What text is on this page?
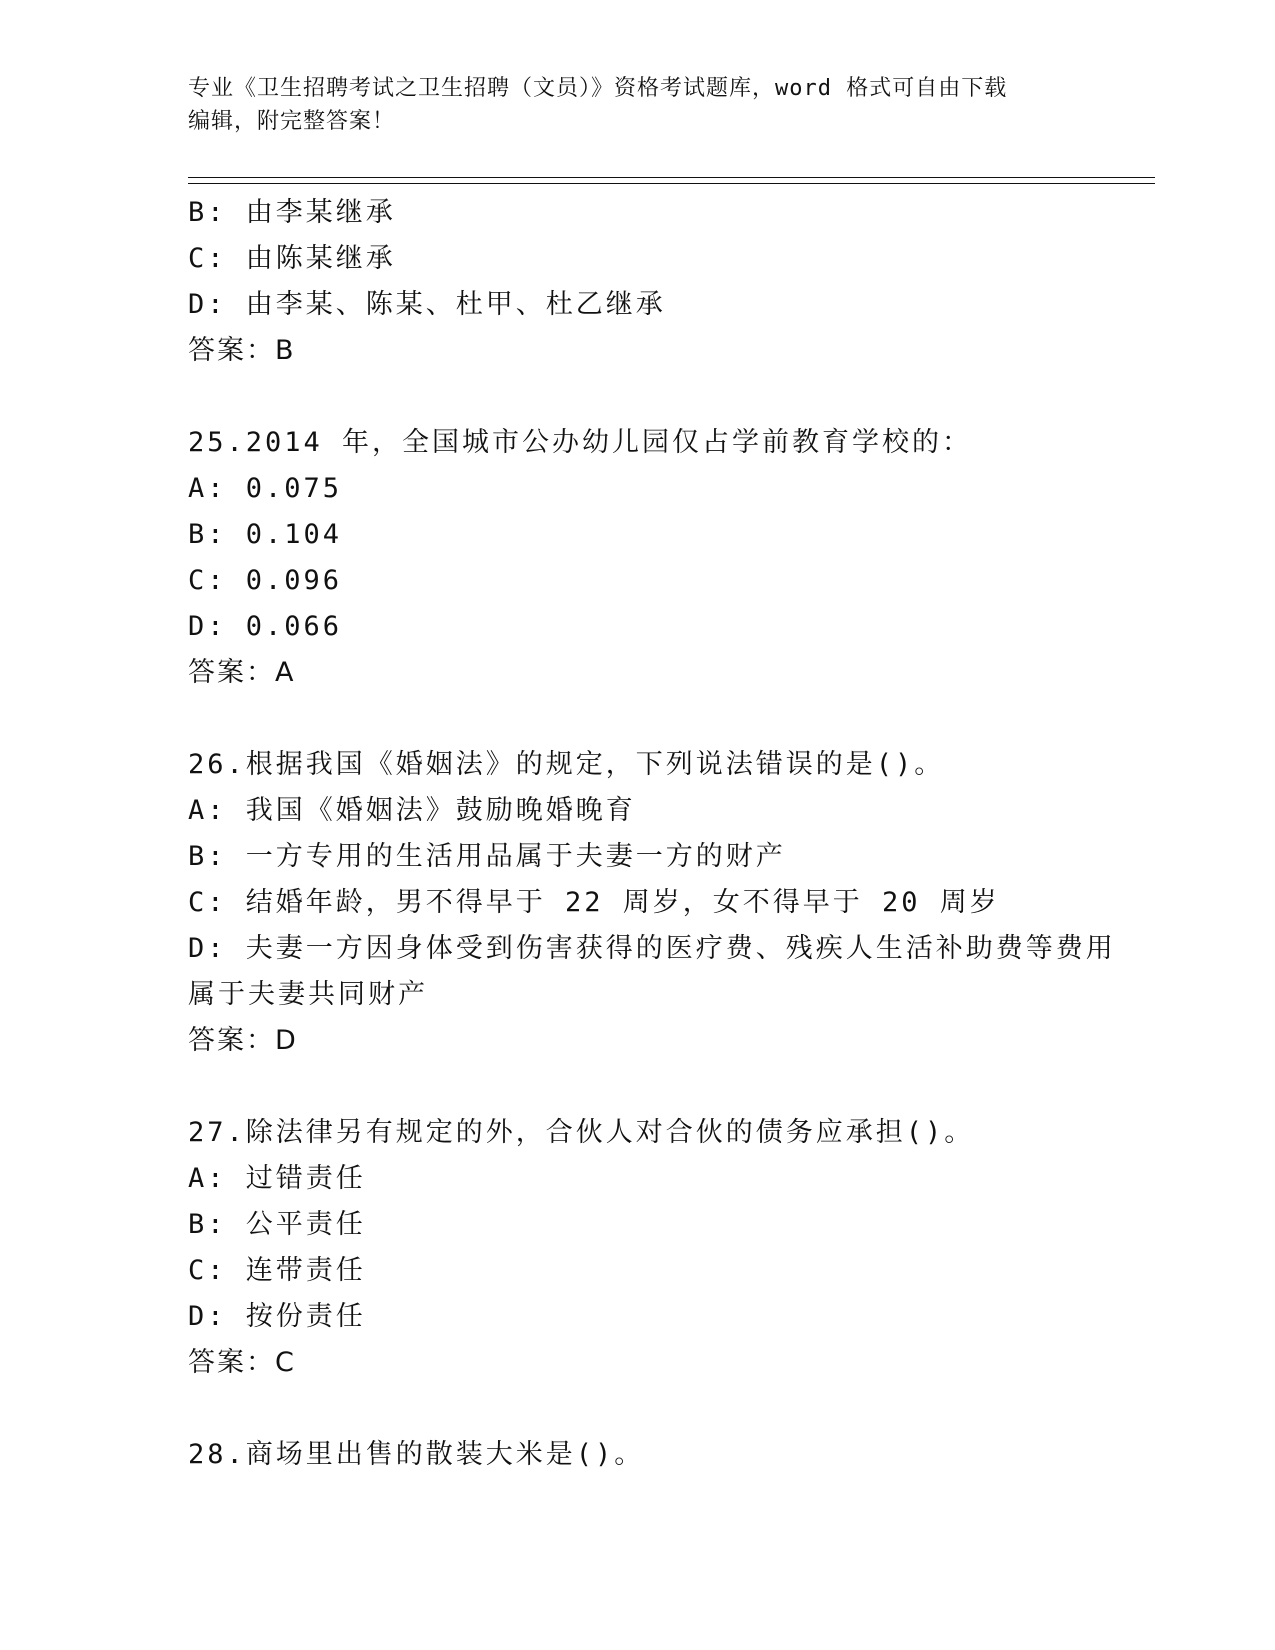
专业《卫生招聘考试之卫生招聘（文员）》资格考试题库，word 格式可自由下载
编辑，附完整答案！
B: 由李某继承
C: 由陈某继承
D: 由李某、陈某、杜甲、杜乙继承
答案：B
25.2014 年，全国城市公办幼儿园仅占学前教育学校的：
A: 0.075
B: 0.104
C: 0.096
D: 0.066
答案：A
26.根据我国《婚姻法》的规定，下列说法错误的是()。
A: 我国《婚姻法》鼓励晚婚晚育
B: 一方专用的生活用品属于夫妻一方的财产
C: 结婚年龄，男不得早于 22 周岁，女不得早于 20 周岁
D: 夫妻一方因身体受到伤害获得的医疗费、残疾人生活补助费等费用
属于夫妻共同财产
答案：D
27.除法律另有规定的外，合伙人对合伙的债务应承担()。
A: 过错责任
B: 公平责任
C: 连带责任
D: 按份责任
答案：C
28.商场里出售的散装大米是()。
